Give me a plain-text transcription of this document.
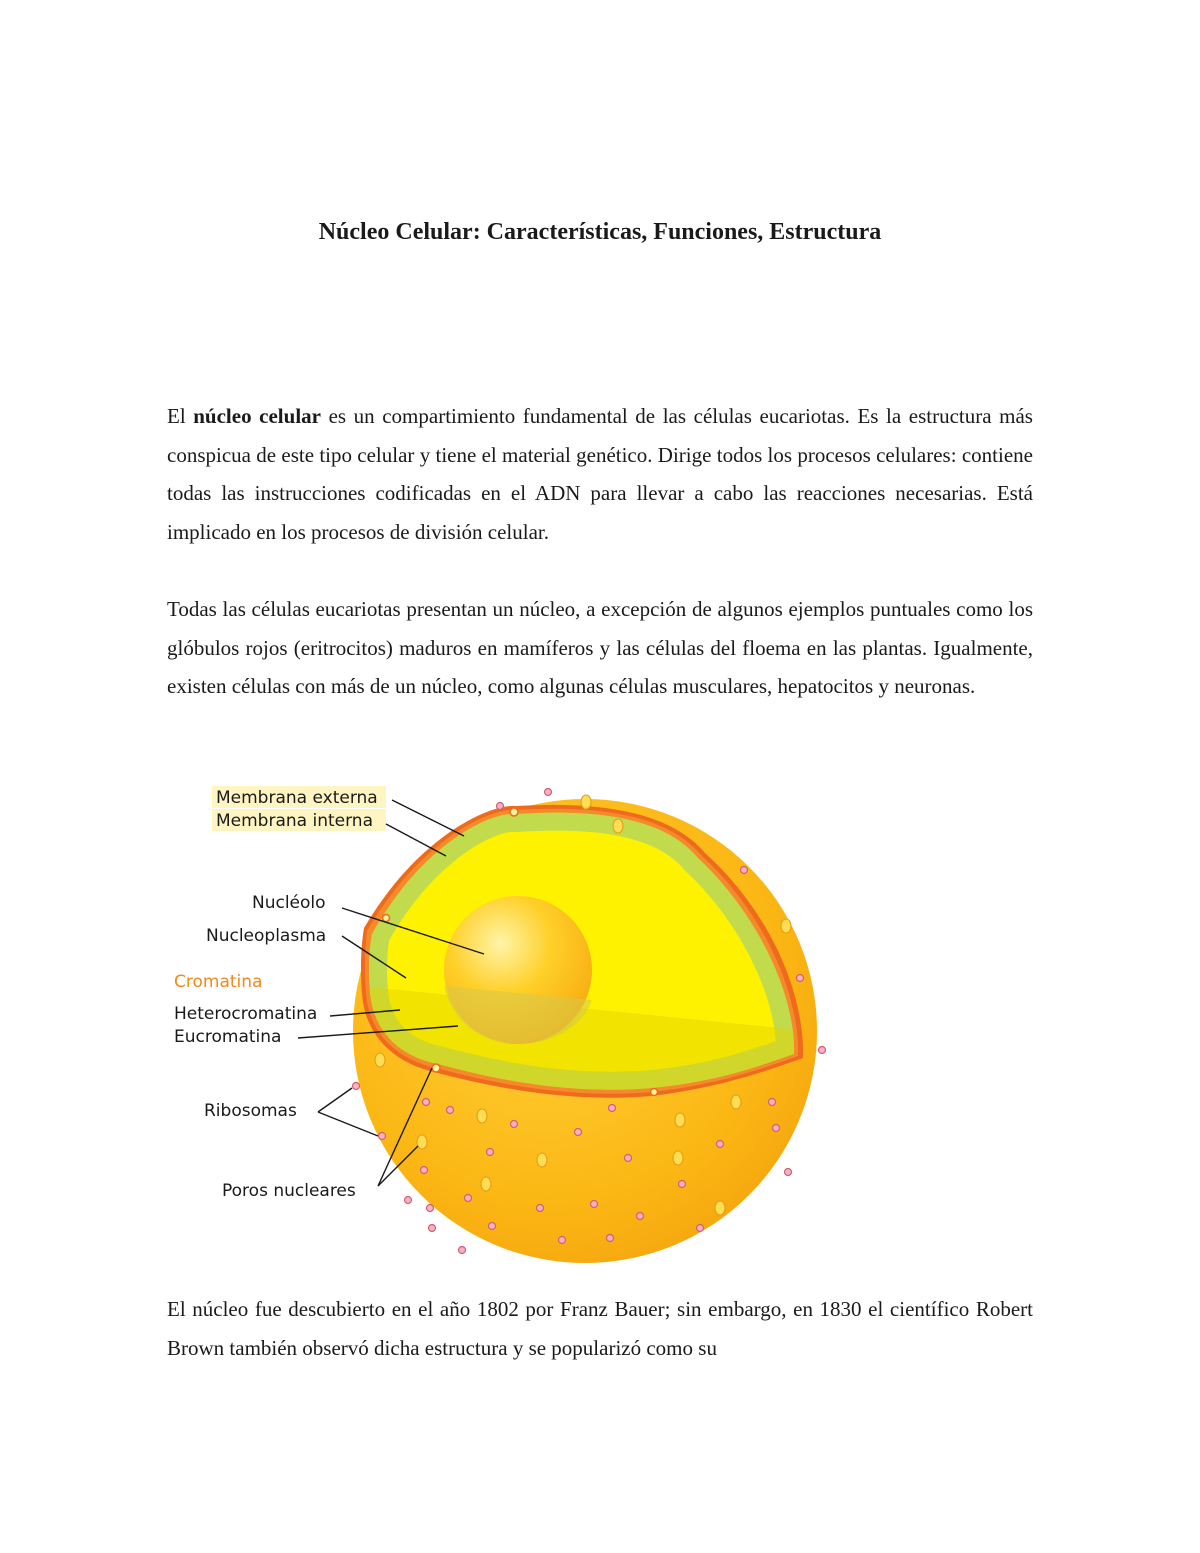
Núcleo Celular: Características, Funciones, Estructura

El núcleo celular es un compartimiento fundamental de las células eucariotas. Es la estructura más conspicua de este tipo celular y tiene el material genético. Dirige todos los procesos celulares: contiene todas las instrucciones codificadas en el ADN para llevar a cabo las reacciones necesarias. Está implicado en los procesos de división celular.

Todas las células eucariotas presentan un núcleo, a excepción de algunos ejemplos puntuales como los glóbulos rojos (eritrocitos) maduros en mamíferos y las células del floema en las plantas. Igualmente, existen células con más de un núcleo, como algunas células musculares, hepatocitos y neuronas.

Membrana externa
Membrana interna
Nucléolo
Nucleoplasma
Cromatina
Heterocromatina
Eucromatina
Ribosomas
Poros nucleares

El núcleo fue descubierto en el año 1802 por Franz Bauer; sin embargo, en 1830 el científico Robert Brown también observó dicha estructura y se popularizó como su
